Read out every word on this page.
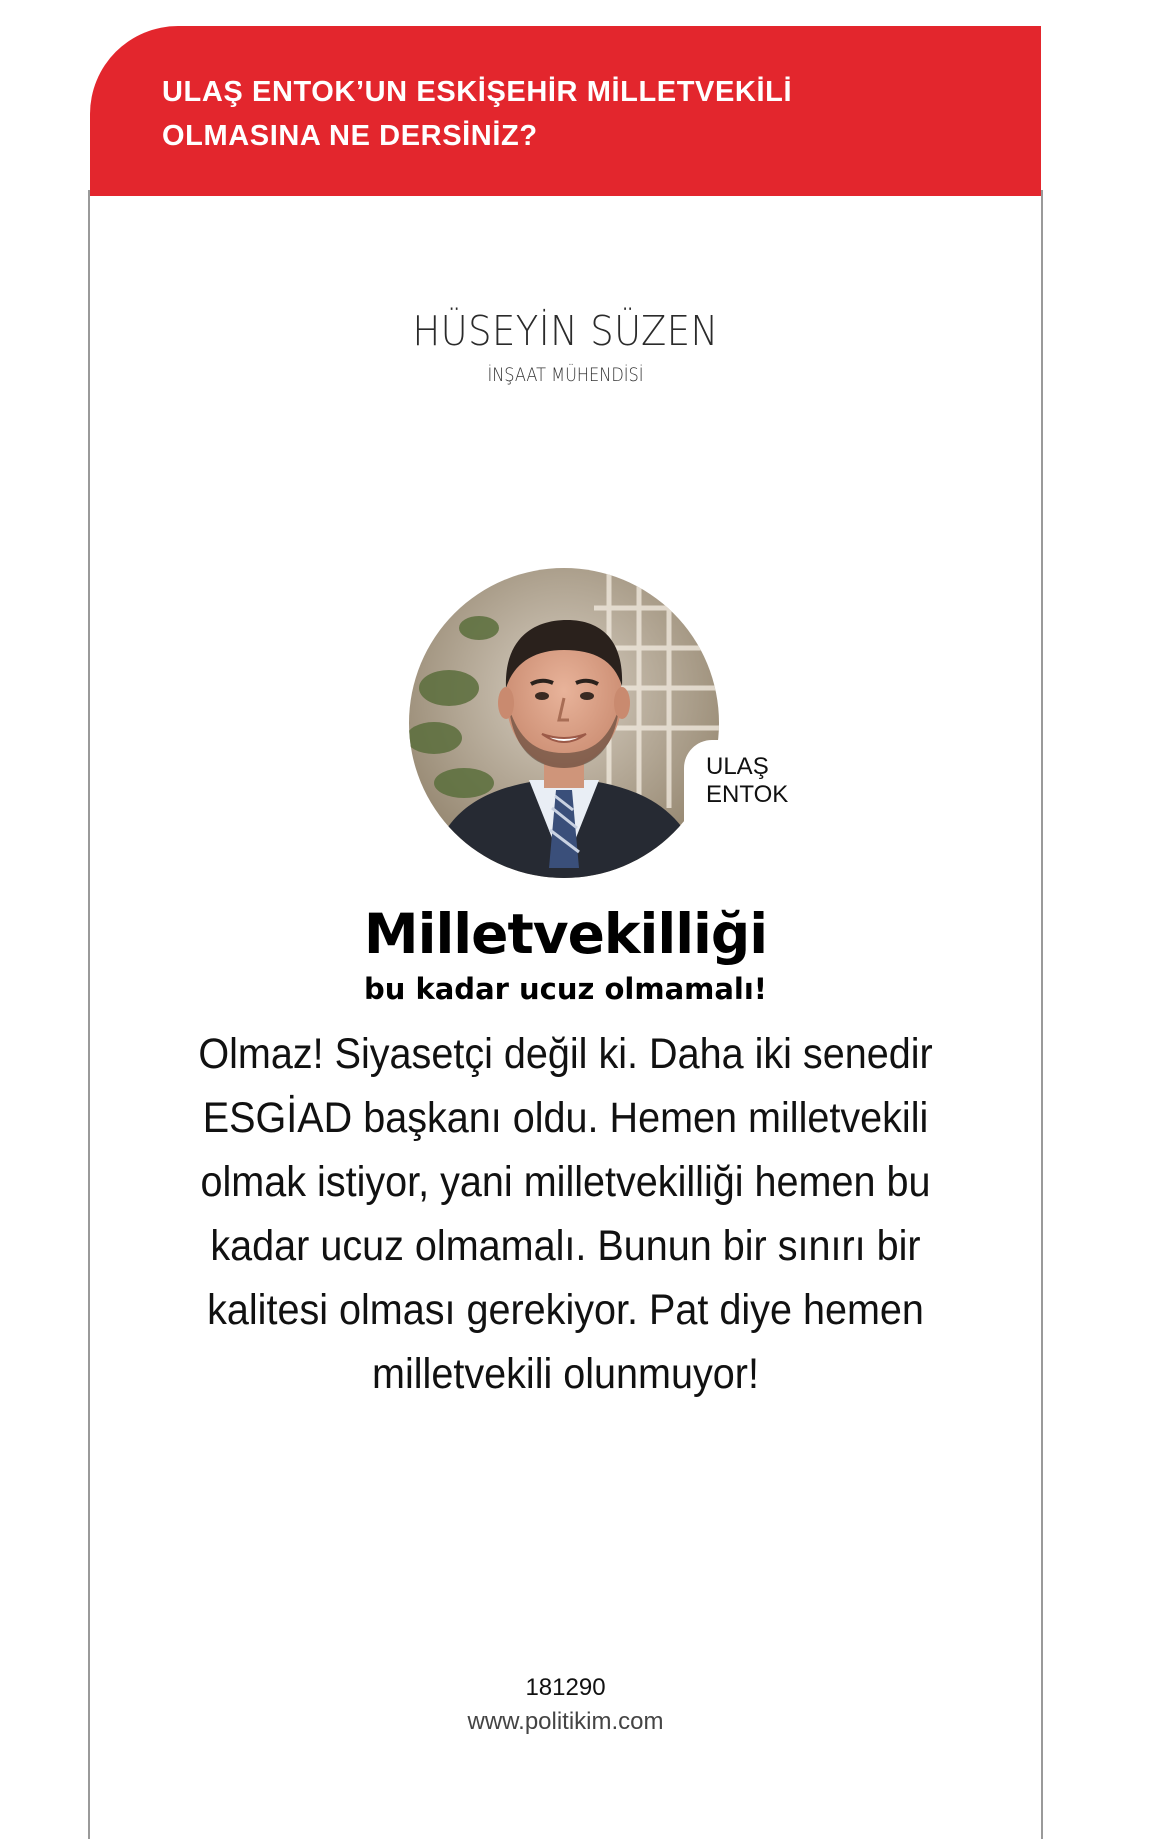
ULAŞ ENTOK’UN ESKİŞEHİR MİLLETVEKİLİ
OLMASINA NE DERSİNİZ?
HÜSEYİN SÜZEN
İNŞAAT MÜHENDİSİ
ULAŞ
ENTOK
Milletvekilliği
bu kadar ucuz olmamalı!
Olmaz! Siyasetçi değil ki. Daha iki senedir ESGİAD başkanı oldu. Hemen milletvekili olmak istiyor, yani milletvekilliği hemen bu kadar ucuz olmamalı. Bunun bir sınırı bir kalitesi olması gerekiyor. Pat diye hemen milletvekili olunmuyor!
181290
www.politikim.com
